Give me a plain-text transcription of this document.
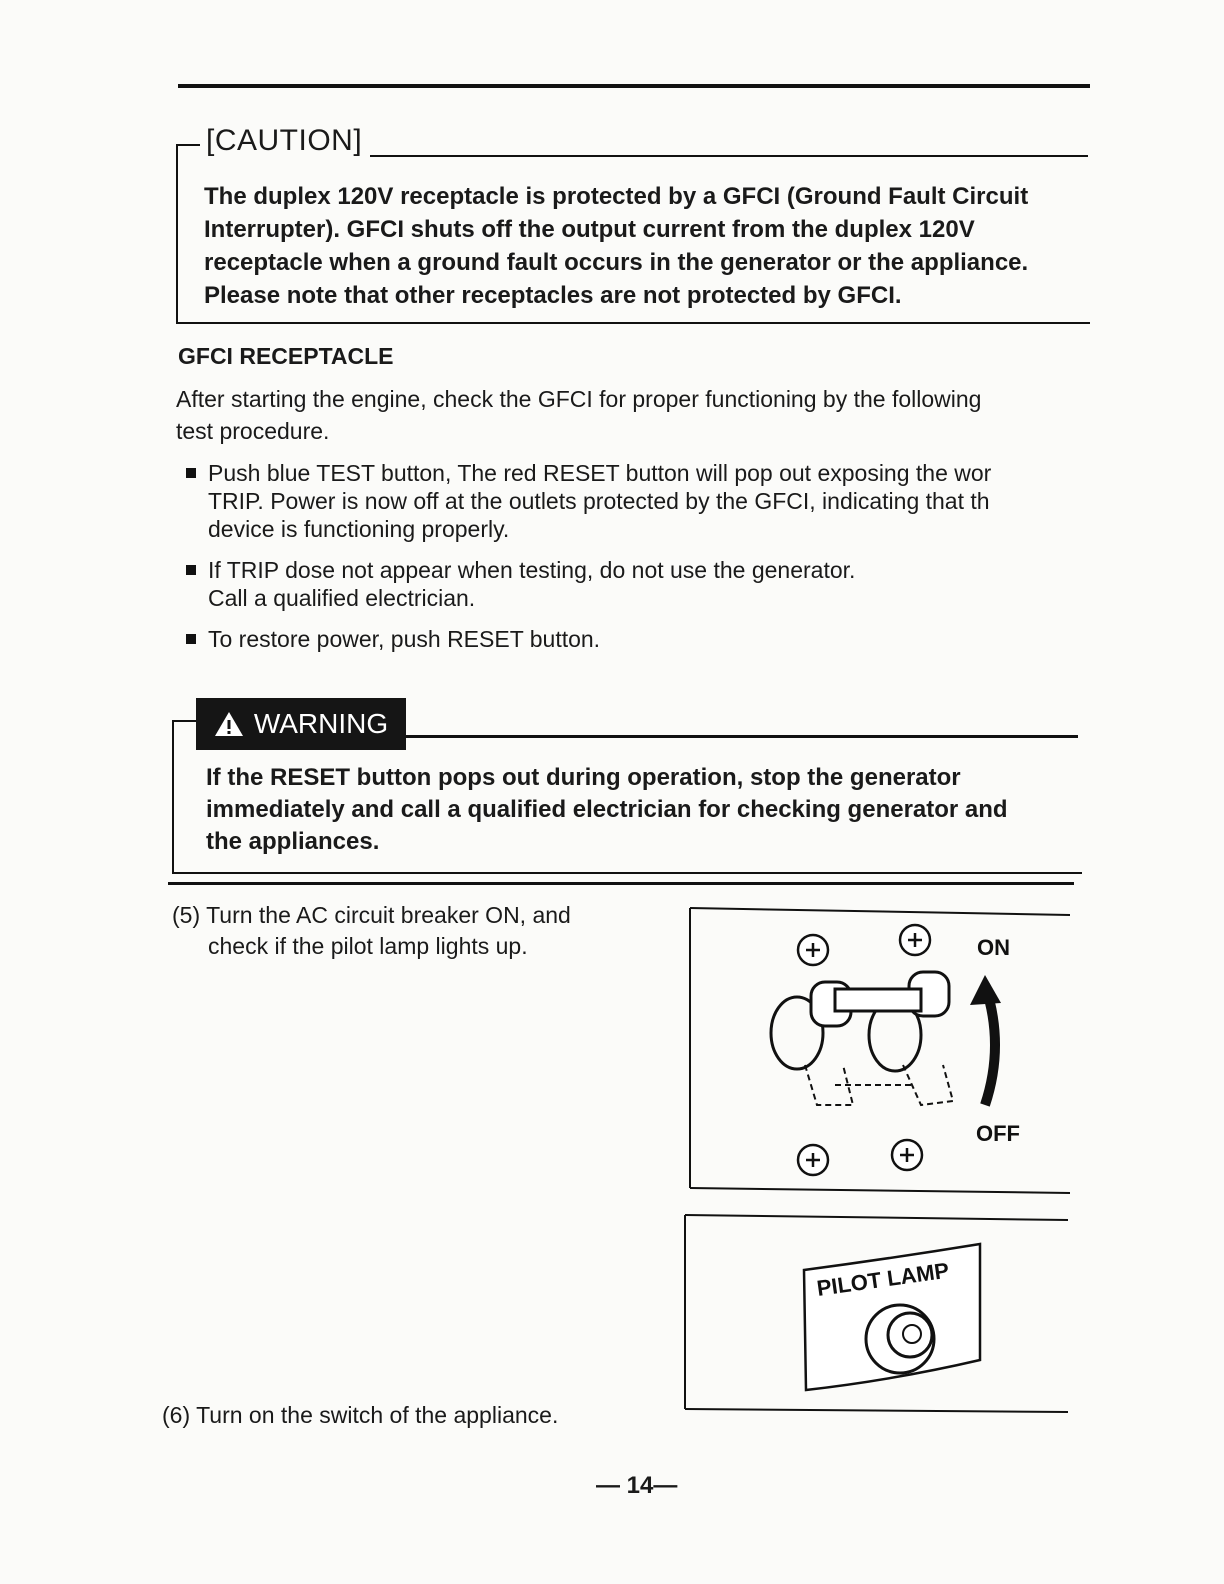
[CAUTION]

The duplex 120V receptacle is protected by a GFCI (Ground Fault Circuit

Interrupter). GFCI shuts off the output current from the duplex 120V

receptacle when a ground fault occurs in the generator or the appliance.

Please note that other receptacles are not protected by GFCI.

GFCI RECEPTACLE
After starting the engine, check the GFCI for proper functioning by the following
test procedure.
Push blue TEST button, The red RESET button will pop out exposing the wor
TRIP. Power is now off at the outlets protected by the GFCI, indicating that th
device is functioning properly.
If TRIP dose not appear when testing, do not use the generator.
Call a qualified electrician.
To restore power, push RESET button.
WARNING

If the RESET button pops out during operation, stop the generator

immediately and call a qualified electrician for checking generator and

the appliances.

(5) Turn the AC circuit breaker ON, and
check if the pilot lamp lights up.	ON
OFF
PILOT LAMP
(6) Turn on the switch of the appliance.
— 14—
